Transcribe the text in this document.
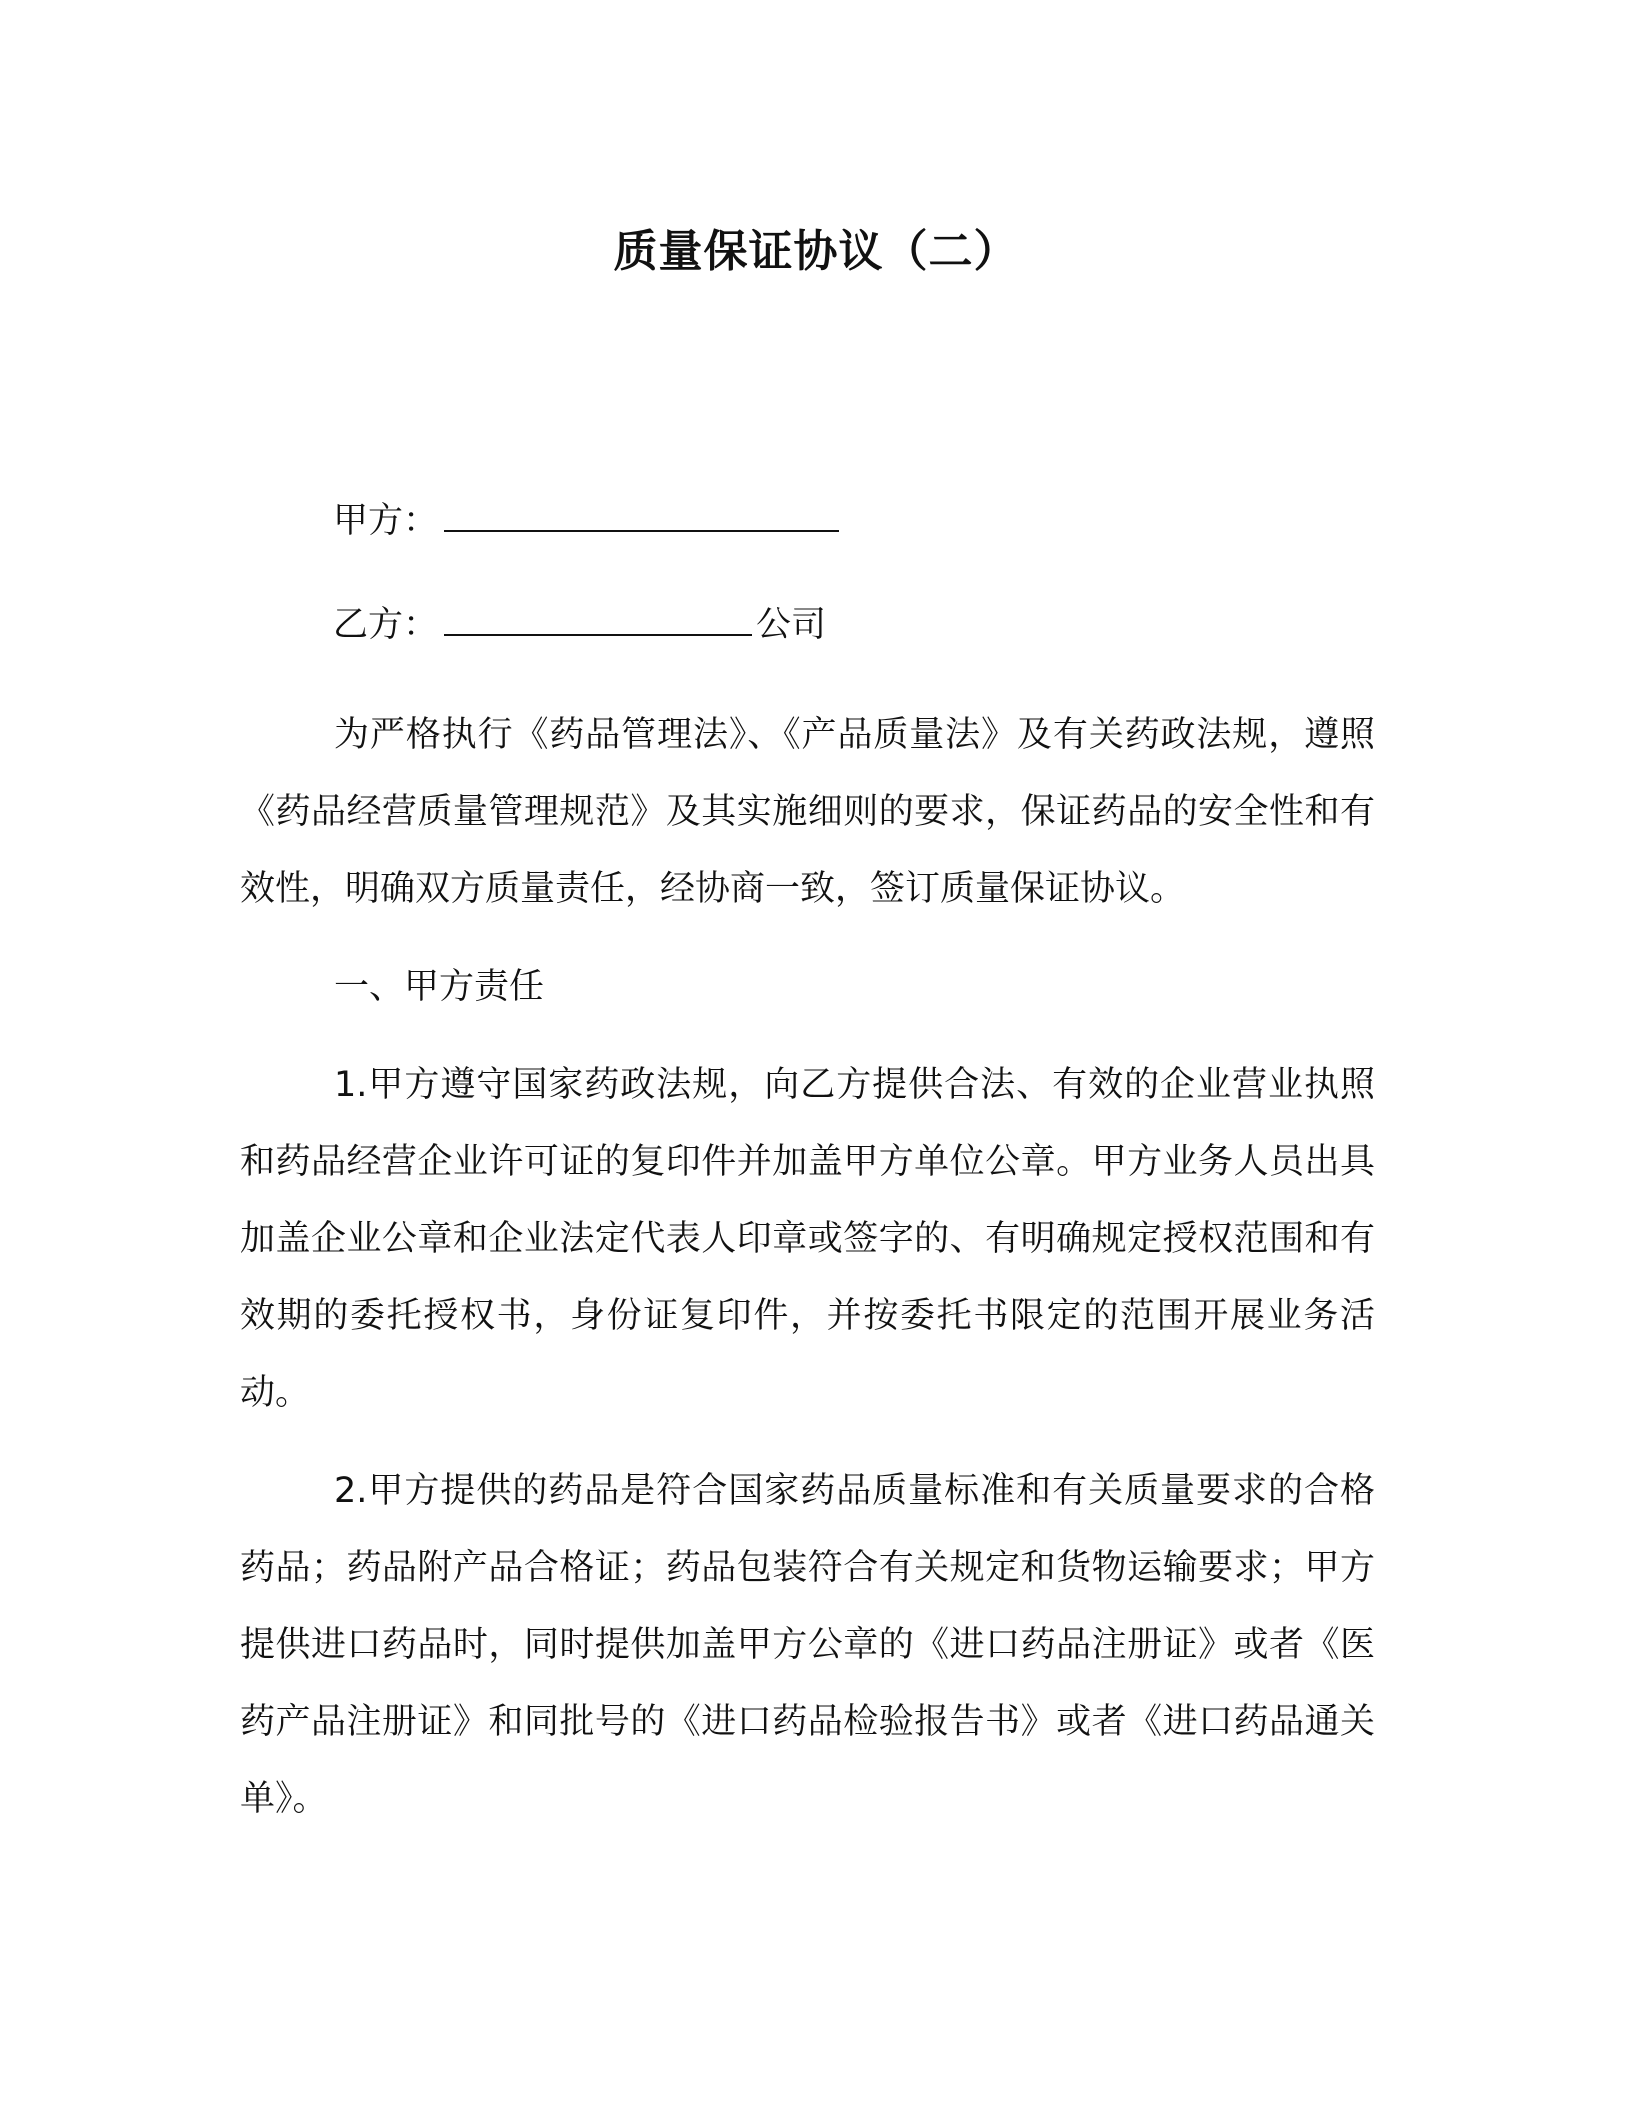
质量保证协议（二）
甲方：
乙方：	公司

为严格执行《药品管理法》、《产品质量法》及有关药政法规，遵照《药品经营质量管理规范》及其实施细则的要求，保证药品的安全性和有效性，明确双方质量责任，经协商一致，签订质量保证协议。

一、甲方责任

1.甲方遵守国家药政法规，向乙方提供合法、有效的企业营业执照和药品经营企业许可证的复印件并加盖甲方单位公章。甲方业务人员出具加盖企业公章和企业法定代表人印章或签字的、有明确规定授权范围和有效期的委托授权书，身份证复印件，并按委托书限定的范围开展业务活动。

2.甲方提供的药品是符合国家药品质量标准和有关质量要求的合格药品；药品附产品合格证；药品包装符合有关规定和货物运输要求；甲方提供进口药品时，同时提供加盖甲方公章的《进口药品注册证》或者《医药产品注册证》和同批号的《进口药品检验报告书》或者《进口药品通关单》。
